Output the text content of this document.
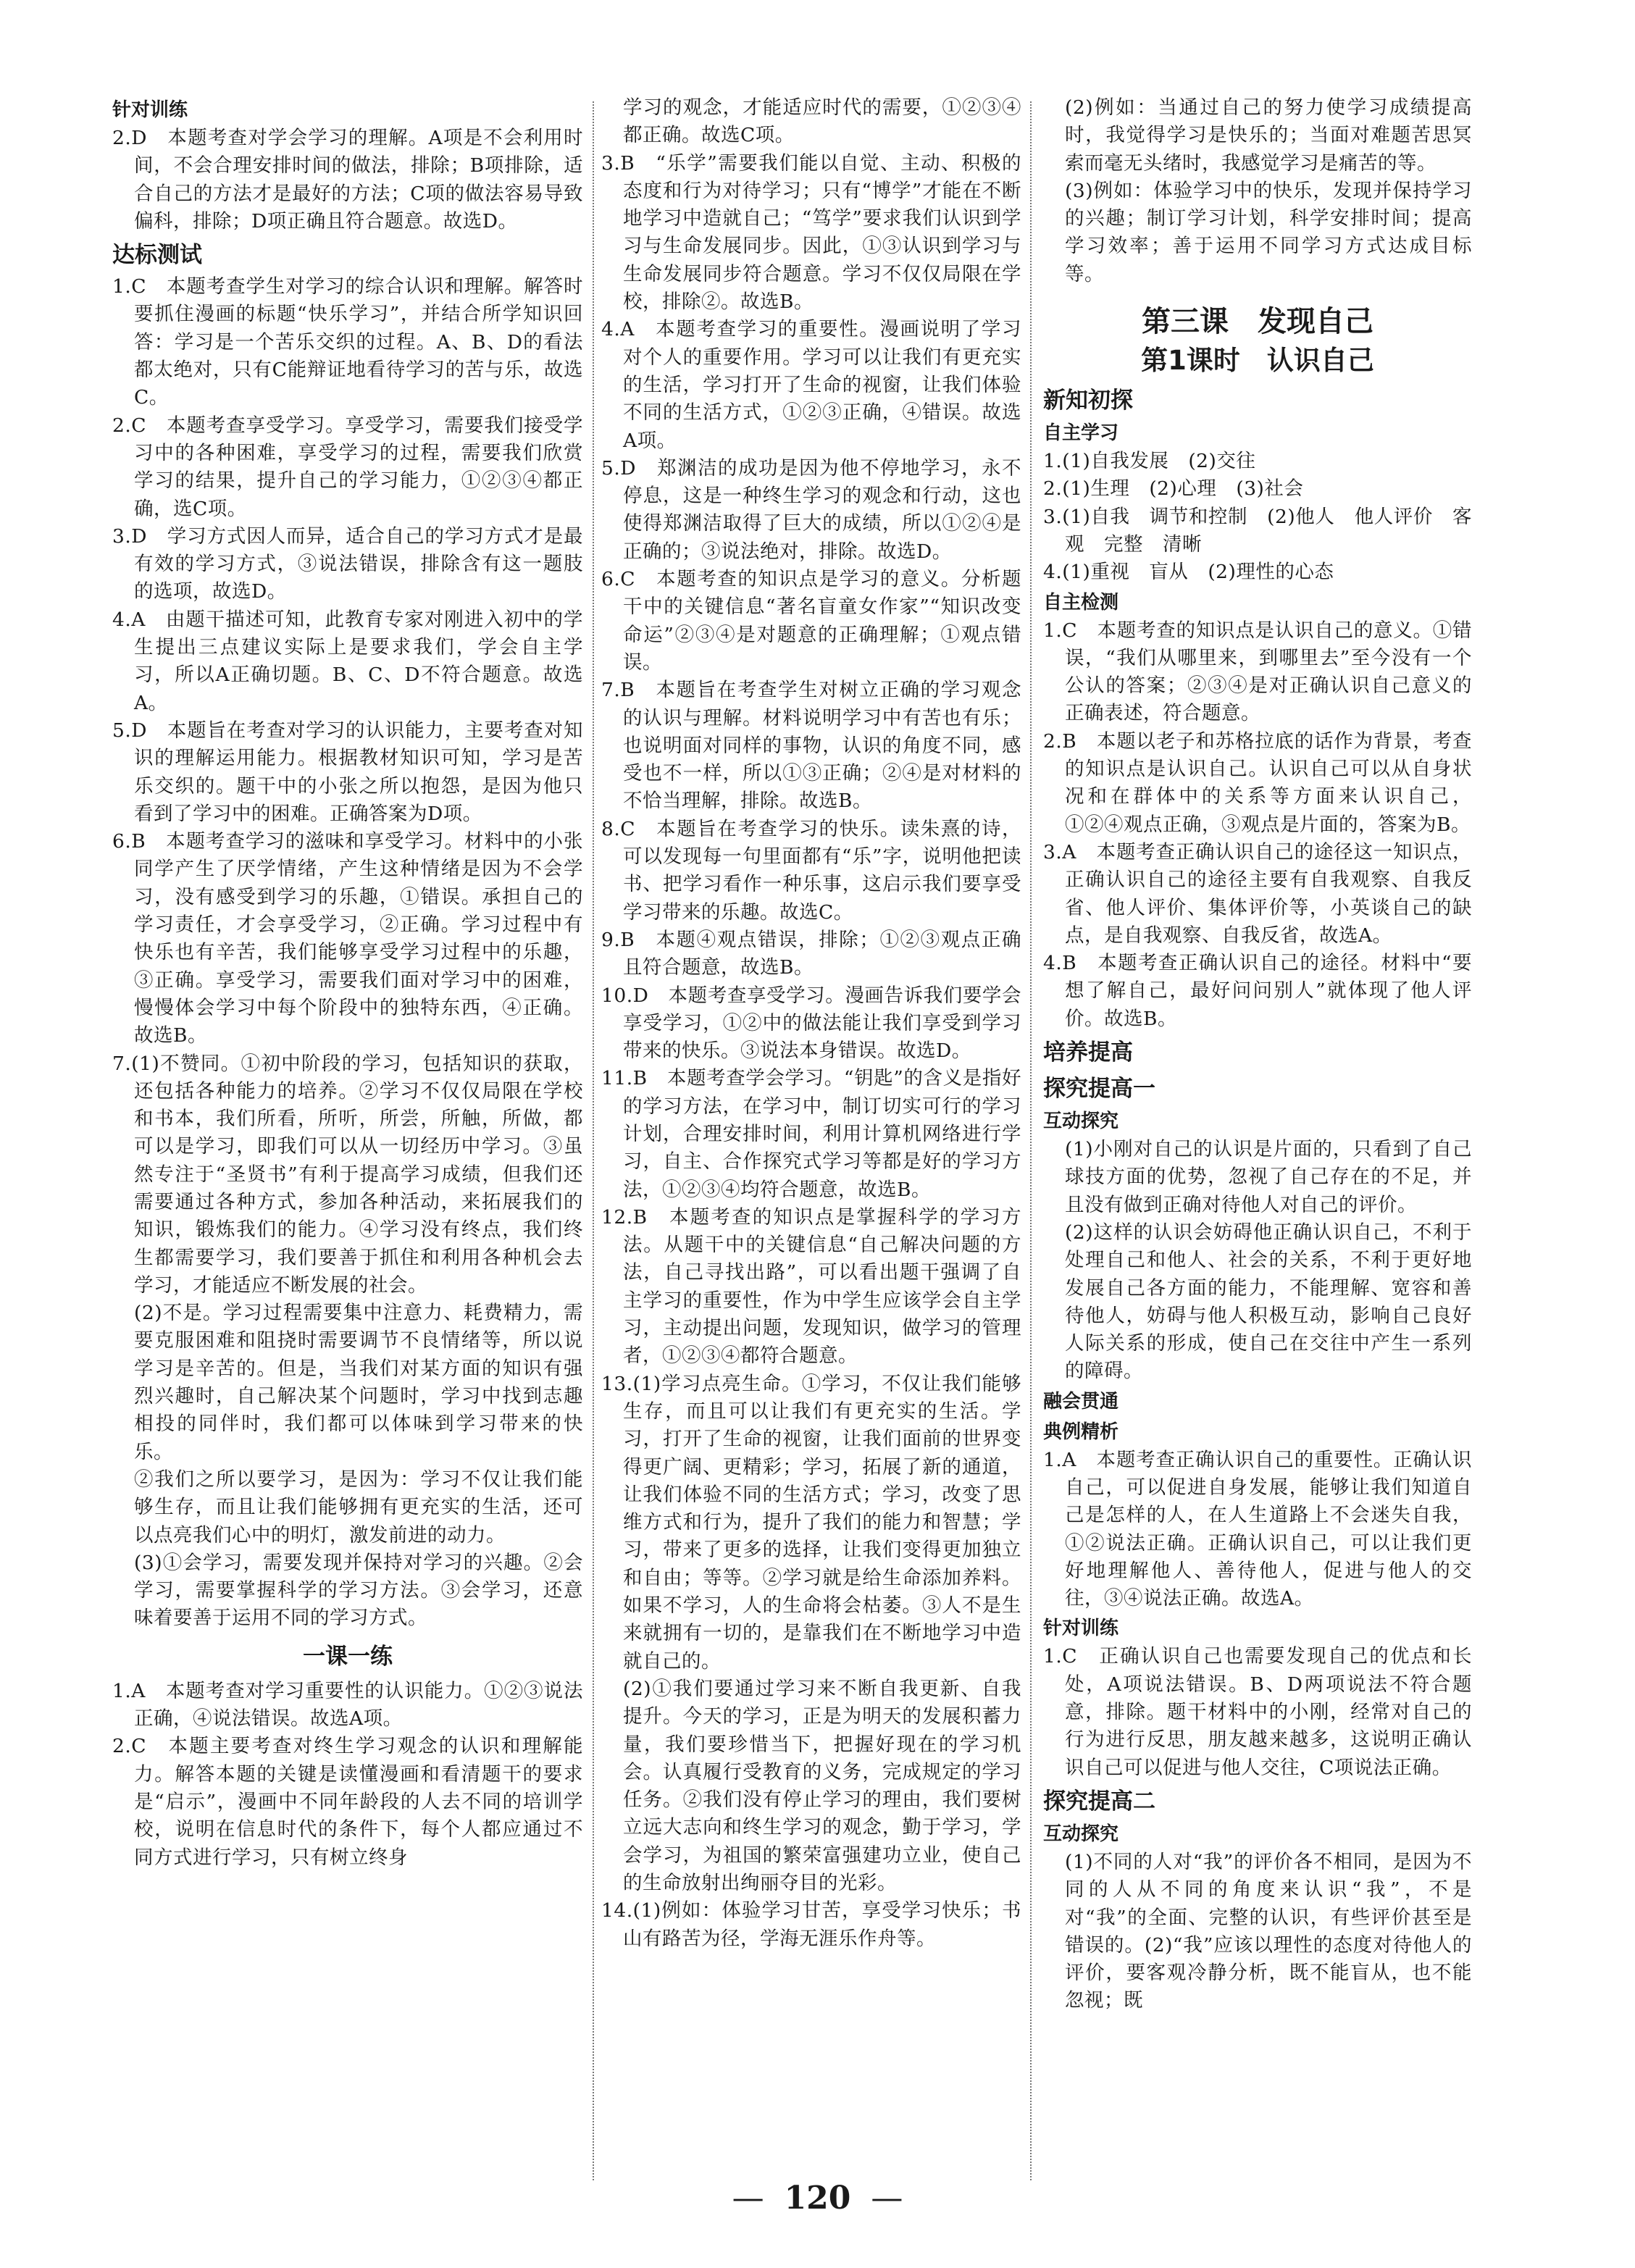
针对训练

2.D　本题考查对学会学习的理解。A项是不会利用时间，不会合理安排时间的做法，排除；B项排除，适合自己的方法才是最好的方法；C项的做法容易导致偏科，排除；D项正确且符合题意。故选D。

达标测试

1.C　本题考查学生对学习的综合认识和理解。解答时要抓住漫画的标题“快乐学习”，并结合所学知识回答：学习是一个苦乐交织的过程。A、B、D的看法都太绝对，只有C能辩证地看待学习的苦与乐，故选C。

2.C　本题考查享受学习。享受学习，需要我们接受学习中的各种困难，享受学习的过程，需要我们欣赏学习的结果，提升自己的学习能力，①②③④都正确，选C项。

3.D　学习方式因人而异，适合自己的学习方式才是最有效的学习方式，③说法错误，排除含有这一题肢的选项，故选D。

4.A　由题干描述可知，此教育专家对刚进入初中的学生提出三点建议实际上是要求我们，学会自主学习，所以A正确切题。B、C、D不符合题意。故选A。

5.D　本题旨在考查对学习的认识能力，主要考查对知识的理解运用能力。根据教材知识可知，学习是苦乐交织的。题干中的小张之所以抱怨，是因为他只看到了学习中的困难。正确答案为D项。

6.B　本题考查学习的滋味和享受学习。材料中的小张同学产生了厌学情绪，产生这种情绪是因为不会学习，没有感受到学习的乐趣，①错误。承担自己的学习责任，才会享受学习，②正确。学习过程中有快乐也有辛苦，我们能够享受学习过程中的乐趣，③正确。享受学习，需要我们面对学习中的困难，慢慢体会学习中每个阶段中的独特东西，④正确。故选B。

7.(1)不赞同。①初中阶段的学习，包括知识的获取，还包括各种能力的培养。②学习不仅仅局限在学校和书本，我们所看，所听，所尝，所触，所做，都可以是学习，即我们可以从一切经历中学习。③虽然专注于“圣贤书”有利于提高学习成绩，但我们还需要通过各种方式，参加各种活动，来拓展我们的知识，锻炼我们的能力。④学习没有终点，我们终生都需要学习，我们要善于抓住和利用各种机会去学习，才能适应不断发展的社会。

(2)不是。学习过程需要集中注意力、耗费精力，需要克服困难和阻挠时需要调节不良情绪等，所以说学习是辛苦的。但是，当我们对某方面的知识有强烈兴趣时，自己解决某个问题时，学习中找到志趣相投的同伴时，我们都可以体味到学习带来的快乐。

②我们之所以要学习，是因为：学习不仅让我们能够生存，而且让我们能够拥有更充实的生活，还可以点亮我们心中的明灯，激发前进的动力。

(3)①会学习，需要发现并保持对学习的兴趣。②会学习，需要掌握科学的学习方法。③会学习，还意味着要善于运用不同的学习方式。

一课一练

1.A　本题考查对学习重要性的认识能力。①②③说法正确，④说法错误。故选A项。

2.C　本题主要考查对终生学习观念的认识和理解能力。解答本题的关键是读懂漫画和看清题干的要求是“启示”，漫画中不同年龄段的人去不同的培训学校，说明在信息时代的条件下，每个人都应通过不同方式进行学习，只有树立终身

学习的观念，才能适应时代的需要，①②③④都正确。故选C项。

3.B　“乐学”需要我们能以自觉、主动、积极的态度和行为对待学习；只有“博学”才能在不断地学习中造就自己；“笃学”要求我们认识到学习与生命发展同步。因此，①③认识到学习与生命发展同步符合题意。学习不仅仅局限在学校，排除②。故选B。

4.A　本题考查学习的重要性。漫画说明了学习对个人的重要作用。学习可以让我们有更充实的生活，学习打开了生命的视窗，让我们体验不同的生活方式，①②③正确，④错误。故选A项。

5.D　郑渊洁的成功是因为他不停地学习，永不停息，这是一种终生学习的观念和行动，这也使得郑渊洁取得了巨大的成绩，所以①②④是正确的；③说法绝对，排除。故选D。

6.C　本题考查的知识点是学习的意义。分析题干中的关键信息“著名盲童女作家”“知识改变命运”②③④是对题意的正确理解；①观点错误。

7.B　本题旨在考查学生对树立正确的学习观念的认识与理解。材料说明学习中有苦也有乐；也说明面对同样的事物，认识的角度不同，感受也不一样，所以①③正确；②④是对材料的不恰当理解，排除。故选B。

8.C　本题旨在考查学习的快乐。读朱熹的诗，可以发现每一句里面都有“乐”字，说明他把读书、把学习看作一种乐事，这启示我们要享受学习带来的乐趣。故选C。

9.B　本题④观点错误，排除；①②③观点正确且符合题意，故选B。

10.D　本题考查享受学习。漫画告诉我们要学会享受学习，①②中的做法能让我们享受到学习带来的快乐。③说法本身错误。故选D。

11.B　本题考查学会学习。“钥匙”的含义是指好的学习方法，在学习中，制订切实可行的学习计划，合理安排时间，利用计算机网络进行学习，自主、合作探究式学习等都是好的学习方法，①②③④均符合题意，故选B。

12.B　本题考查的知识点是掌握科学的学习方法。从题干中的关键信息“自己解决问题的方法，自己寻找出路”，可以看出题干强调了自主学习的重要性，作为中学生应该学会自主学习，主动提出问题，发现知识，做学习的管理者，①②③④都符合题意。

13.(1)学习点亮生命。①学习，不仅让我们能够生存，而且可以让我们有更充实的生活。学习，打开了生命的视窗，让我们面前的世界变得更广阔、更精彩；学习，拓展了新的通道，让我们体验不同的生活方式；学习，改变了思维方式和行为，提升了我们的能力和智慧；学习，带来了更多的选择，让我们变得更加独立和自由；等等。②学习就是给生命添加养料。如果不学习，人的生命将会枯萎。③人不是生来就拥有一切的，是靠我们在不断地学习中造就自己的。

(2)①我们要通过学习来不断自我更新、自我提升。今天的学习，正是为明天的发展积蓄力量，我们要珍惜当下，把握好现在的学习机会。认真履行受教育的义务，完成规定的学习任务。②我们没有停止学习的理由，我们要树立远大志向和终生学习的观念，勤于学习，学会学习，为祖国的繁荣富强建功立业，使自己的生命放射出绚丽夺目的光彩。

14.(1)例如：体验学习甘苦，享受学习快乐；书山有路苦为径，学海无涯乐作舟等。

(2)例如：当通过自己的努力使学习成绩提高时，我觉得学习是快乐的；当面对难题苦思冥索而毫无头绪时，我感觉学习是痛苦的等。

(3)例如：体验学习中的快乐，发现并保持学习的兴趣；制订学习计划，科学安排时间；提高学习效率；善于运用不同学习方式达成目标等。

第三课　发现自己
第1课时　认识自己
新知初探
自主学习

1.(1)自我发展　(2)交往

2.(1)生理　(2)心理　(3)社会

3.(1)自我　调节和控制　(2)他人　他人评价　客观　完整　清晰

4.(1)重视　盲从　(2)理性的心态

自主检测

1.C　本题考查的知识点是认识自己的意义。①错误，“我们从哪里来，到哪里去”至今没有一个公认的答案；②③④是对正确认识自己意义的正确表述，符合题意。

2.B　本题以老子和苏格拉底的话作为背景，考查的知识点是认识自己。认识自己可以从自身状况和在群体中的关系等方面来认识自己，①②④观点正确，③观点是片面的，答案为B。

3.A　本题考查正确认识自己的途径这一知识点，正确认识自己的途径主要有自我观察、自我反省、他人评价、集体评价等，小英谈自己的缺点，是自我观察、自我反省，故选A。

4.B　本题考查正确认识自己的途径。材料中“要想了解自己，最好问问别人”就体现了他人评价。故选B。

培养提高
探究提高一
互动探究

(1)小刚对自己的认识是片面的，只看到了自己球技方面的优势，忽视了自己存在的不足，并且没有做到正确对待他人对自己的评价。

(2)这样的认识会妨碍他正确认识自己，不利于处理自己和他人、社会的关系，不利于更好地发展自己各方面的能力，不能理解、宽容和善待他人，妨碍与他人积极互动，影响自己良好人际关系的形成，使自己在交往中产生一系列的障碍。

融会贯通
典例精析

1.A　本题考查正确认识自己的重要性。正确认识自己，可以促进自身发展，能够让我们知道自己是怎样的人，在人生道路上不会迷失自我，①②说法正确。正确认识自己，可以让我们更好地理解他人、善待他人，促进与他人的交往，③④说法正确。故选A。

针对训练

1.C　正确认识自己也需要发现自己的优点和长处，A项说法错误。B、D两项说法不符合题意，排除。题干材料中的小刚，经常对自己的行为进行反思，朋友越来越多，这说明正确认识自己可以促进与他人交往，C项说法正确。

探究提高二
互动探究

(1)不同的人对“我”的评价各不相同，是因为不同的人从不同的角度来认识“我”，不是对“我”的全面、完整的认识，有些评价甚至是错误的。(2)“我”应该以理性的态度对待他人的评价，要客观冷静分析，既不能盲从，也不能忽视；既

— 120 —
